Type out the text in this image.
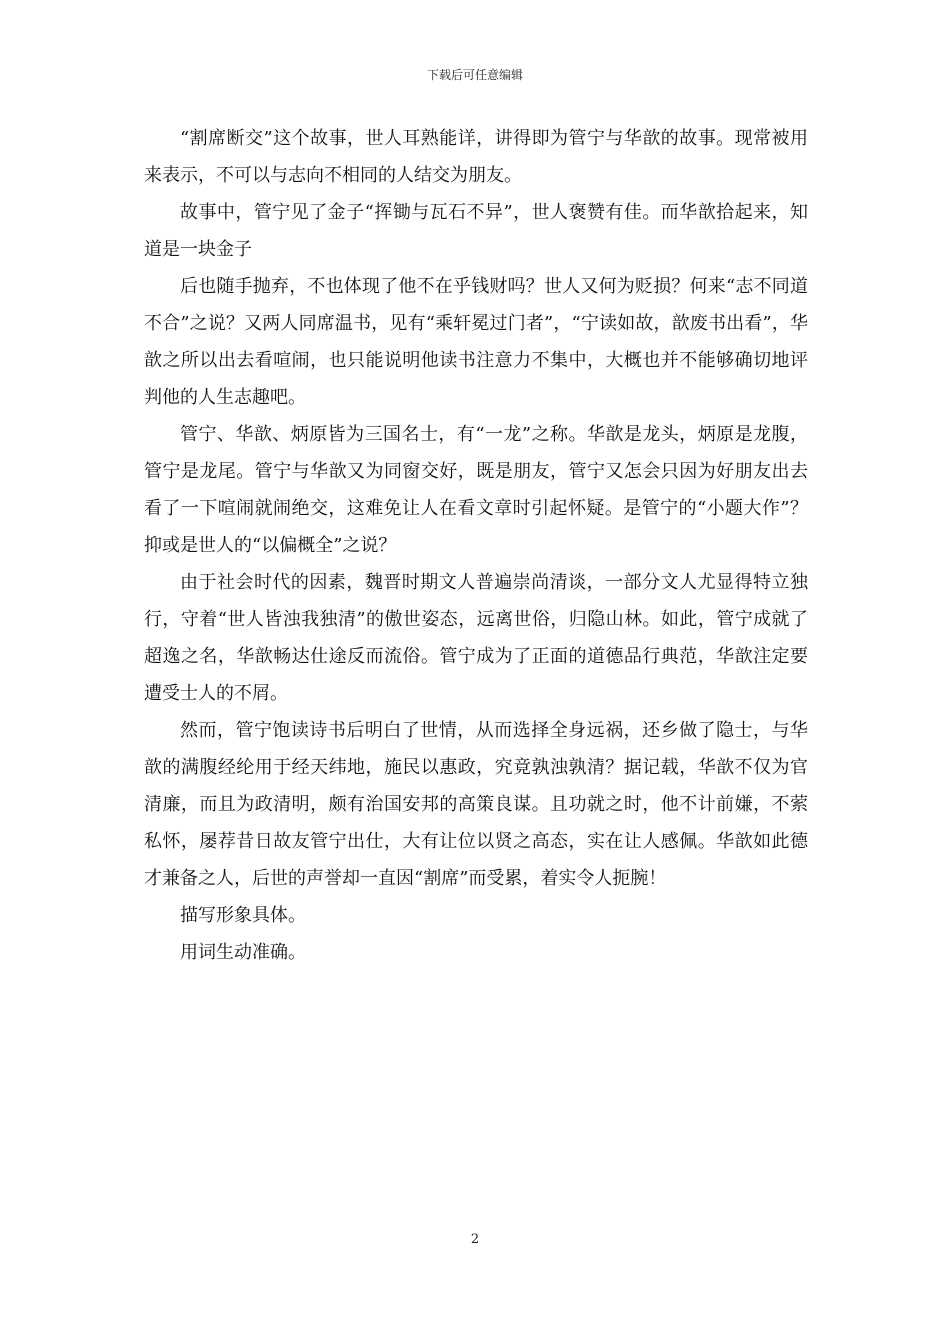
下载后可任意编辑

“割席断交”这个故事，世人耳熟能详，讲得即为管宁与华歆的故事。现常被用来表示，不可以与志向不相同的人结交为朋友。

故事中，管宁见了金子“挥锄与瓦石不异”，世人褒赞有佳。而华歆拾起来，知道是一块金子

后也随手抛弃，不也体现了他不在乎钱财吗？世人又何为贬损？何来“志不同道不合”之说？又两人同席温书，见有“乘轩冕过门者”，“宁读如故，歆废书出看”，华歆之所以出去看喧闹，也只能说明他读书注意力不集中，大概也并不能够确切地评判他的人生志趣吧。

管宁、华歆、炳原皆为三国名士，有“一龙”之称。华歆是龙头，炳原是龙腹，管宁是龙尾。管宁与华歆又为同窗交好，既是朋友，管宁又怎会只因为好朋友出去看了一下喧闹就闹绝交，这难免让人在看文章时引起怀疑。是管宁的“小题大作”？抑或是世人的“以偏概全”之说？

由于社会时代的因素，魏晋时期文人普遍崇尚清谈，一部分文人尤显得特立独行，守着“世人皆浊我独清”的傲世姿态，远离世俗，归隐山林。如此，管宁成就了超逸之名，华歆畅达仕途反而流俗。管宁成为了正面的道德品行典范，华歆注定要遭受士人的不屑。

然而，管宁饱读诗书后明白了世情，从而选择全身远祸，还乡做了隐士，与华歆的满腹经纶用于经天纬地，施民以惠政，究竟孰浊孰清？据记载，华歆不仅为官清廉，而且为政清明，颇有治国安邦的高策良谋。且功就之时，他不计前嫌，不萦私怀，屡荐昔日故友管宁出仕，大有让位以贤之高态，实在让人感佩。华歆如此德才兼备之人，后世的声誉却一直因“割席”而受累，着实令人扼腕！

描写形象具体。

用词生动准确。

2
